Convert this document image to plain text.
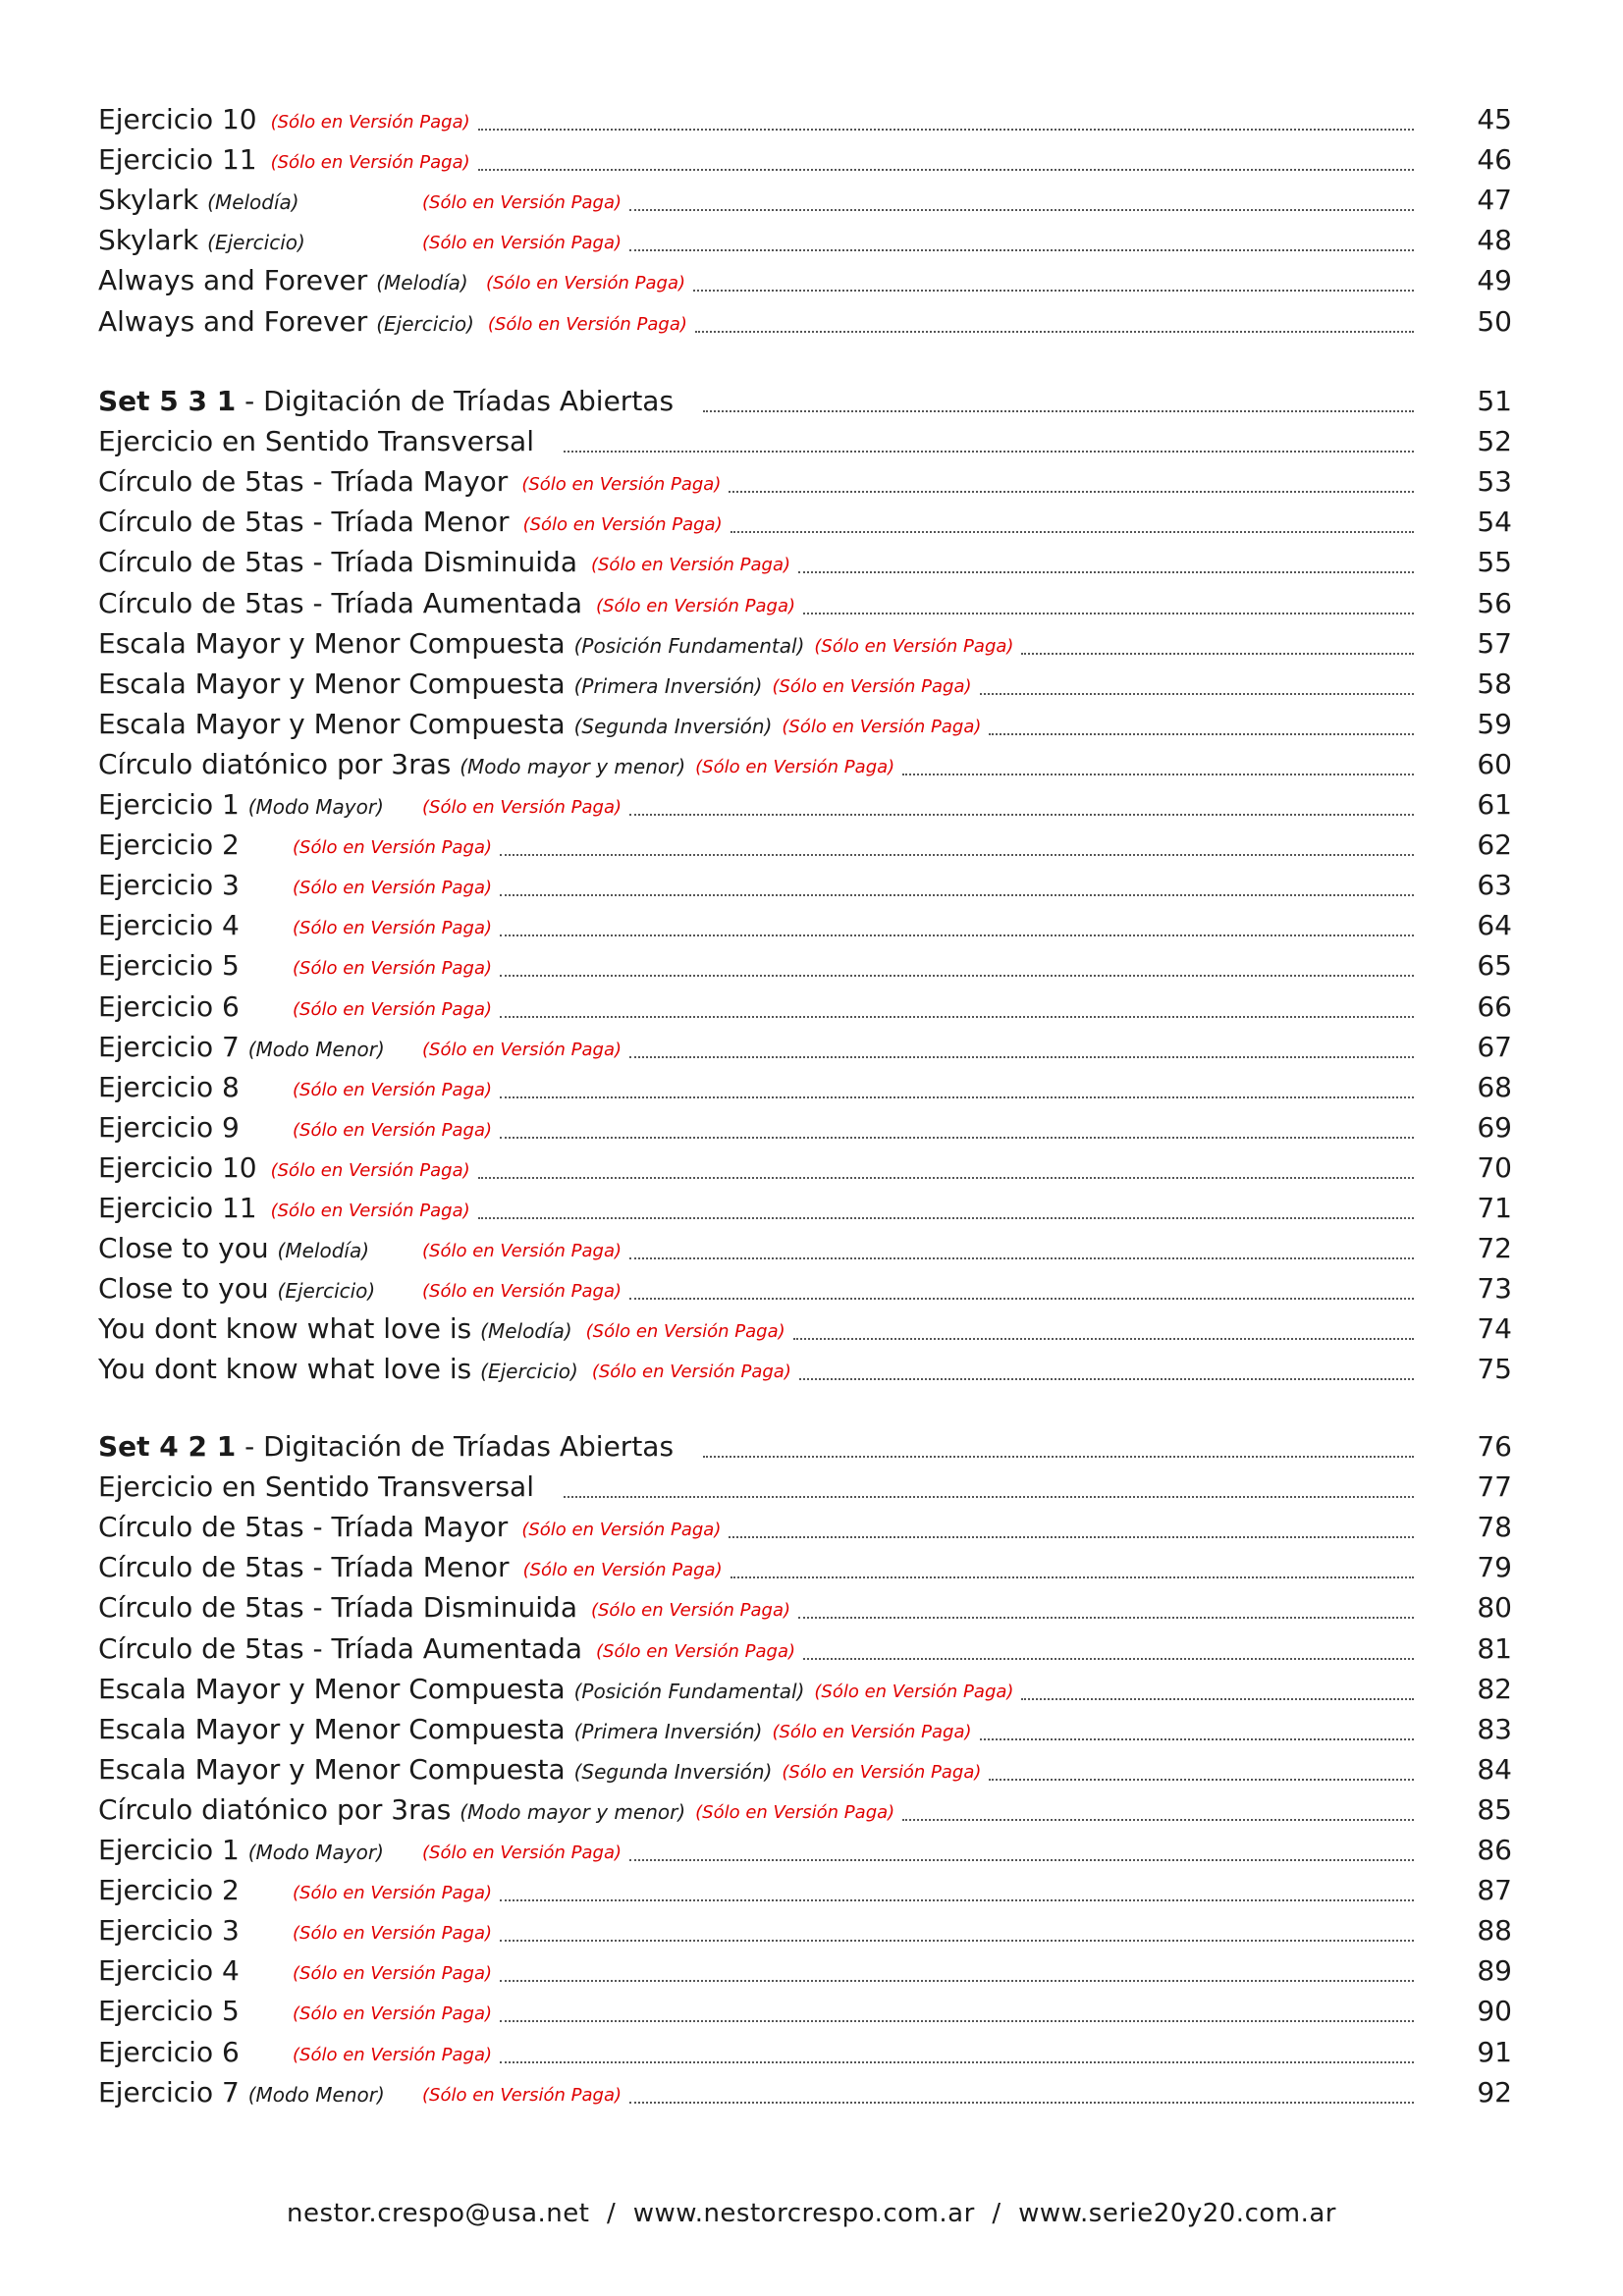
Ejercicio 10	45
(Sólo en Versión Paga)
Ejercicio 11	46
(Sólo en Versión Paga)
Skylark (Melodía)	47
(Sólo en Versión Paga)
Skylark (Ejercicio)	48
(Sólo en Versión Paga)
Always and Forever (Melodía)	49
(Sólo en Versión Paga)
Always and Forever (Ejercicio)	50
(Sólo en Versión Paga)
Set 5 3 1 - Digitación de Tríadas Abiertas	51
Ejercicio en Sentido Transversal	52
Círculo de 5tas - Tríada Mayor	53
(Sólo en Versión Paga)
Círculo de 5tas - Tríada Menor	54
(Sólo en Versión Paga)
Círculo de 5tas - Tríada Disminuida	55
(Sólo en Versión Paga)
Círculo de 5tas - Tríada Aumentada	56
(Sólo en Versión Paga)
Escala Mayor y Menor Compuesta (Posición Fundamental)	57
(Sólo en Versión Paga)
Escala Mayor y Menor Compuesta (Primera Inversión)	58
(Sólo en Versión Paga)
Escala Mayor y Menor Compuesta (Segunda Inversión)	59
(Sólo en Versión Paga)
Círculo diatónico por 3ras (Modo mayor y menor)	60
(Sólo en Versión Paga)
Ejercicio 1 (Modo Mayor)	61
(Sólo en Versión Paga)
Ejercicio 2	62
(Sólo en Versión Paga)
Ejercicio 3	63
(Sólo en Versión Paga)
Ejercicio 4	64
(Sólo en Versión Paga)
Ejercicio 5	65
(Sólo en Versión Paga)
Ejercicio 6	66
(Sólo en Versión Paga)
Ejercicio 7 (Modo Menor)	67
(Sólo en Versión Paga)
Ejercicio 8	68
(Sólo en Versión Paga)
Ejercicio 9	69
(Sólo en Versión Paga)
Ejercicio 10	70
(Sólo en Versión Paga)
Ejercicio 11	71
(Sólo en Versión Paga)
Close to you (Melodía)	72
(Sólo en Versión Paga)
Close to you (Ejercicio)	73
(Sólo en Versión Paga)
You dont know what love is (Melodía)	74
(Sólo en Versión Paga)
You dont know what love is (Ejercicio)	75
(Sólo en Versión Paga)
Set 4 2 1 - Digitación de Tríadas Abiertas	76
Ejercicio en Sentido Transversal	77
Círculo de 5tas - Tríada Mayor	78
(Sólo en Versión Paga)
Círculo de 5tas - Tríada Menor	79
(Sólo en Versión Paga)
Círculo de 5tas - Tríada Disminuida	80
(Sólo en Versión Paga)
Círculo de 5tas - Tríada Aumentada	81
(Sólo en Versión Paga)
Escala Mayor y Menor Compuesta (Posición Fundamental)	82
(Sólo en Versión Paga)
Escala Mayor y Menor Compuesta (Primera Inversión)	83
(Sólo en Versión Paga)
Escala Mayor y Menor Compuesta (Segunda Inversión)	84
(Sólo en Versión Paga)
Círculo diatónico por 3ras (Modo mayor y menor)	85
(Sólo en Versión Paga)
Ejercicio 1 (Modo Mayor)	86
(Sólo en Versión Paga)
Ejercicio 2	87
(Sólo en Versión Paga)
Ejercicio 3	88
(Sólo en Versión Paga)
Ejercicio 4	89
(Sólo en Versión Paga)
Ejercicio 5	90
(Sólo en Versión Paga)
Ejercicio 6	91
(Sólo en Versión Paga)
Ejercicio 7 (Modo Menor)	92
(Sólo en Versión Paga)
nestor.crespo@usa.net / www.nestorcrespo.com.ar / www.serie20y20.com.ar
